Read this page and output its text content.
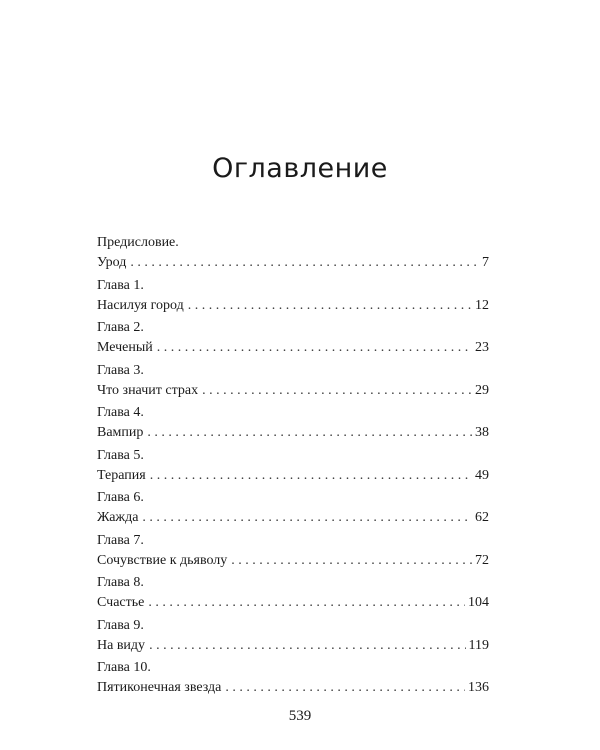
Оглавление
Предисловие.
Урод . . .	7
Глава 1.
Насилуя город . . .	12
Глава 2.
Меченый . . .	23
Глава 3.
Что значит страх . . .	29
Глава 4.
Вампир . . .	38
Глава 5.
Терапия . . .	49
Глава 6.
Жажда . . .	62
Глава 7.
Сочувствие к дьяволу . . .	72
Глава 8.
Счастье . . .	104
Глава 9.
На виду . . .	119
Глава 10.
Пятиконечная звезда . . .	136
539
